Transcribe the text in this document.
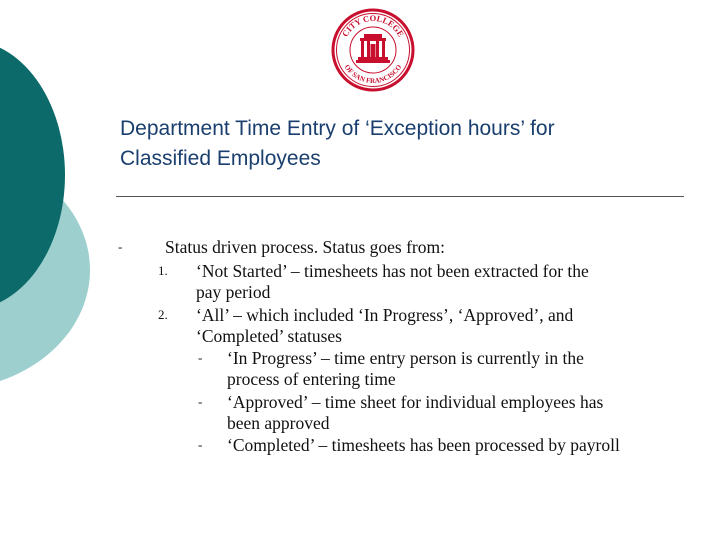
CITY COLLEGE
OF SAN FRANCISCO
Department Time Entry of ‘Exception hours’ for
Classified Employees
- Status driven process. Status goes from:
1. ‘Not Started’ – timesheets has not been extracted for the
pay period
2. ‘All’ – which included ‘In Progress’, ‘Approved’, and
‘Completed’ statuses
- ‘In Progress’ – time entry person is currently in the
process of entering time
- ‘Approved’ – time sheet for individual employees has
been approved
- ‘Completed’ – timesheets has been processed by payroll
